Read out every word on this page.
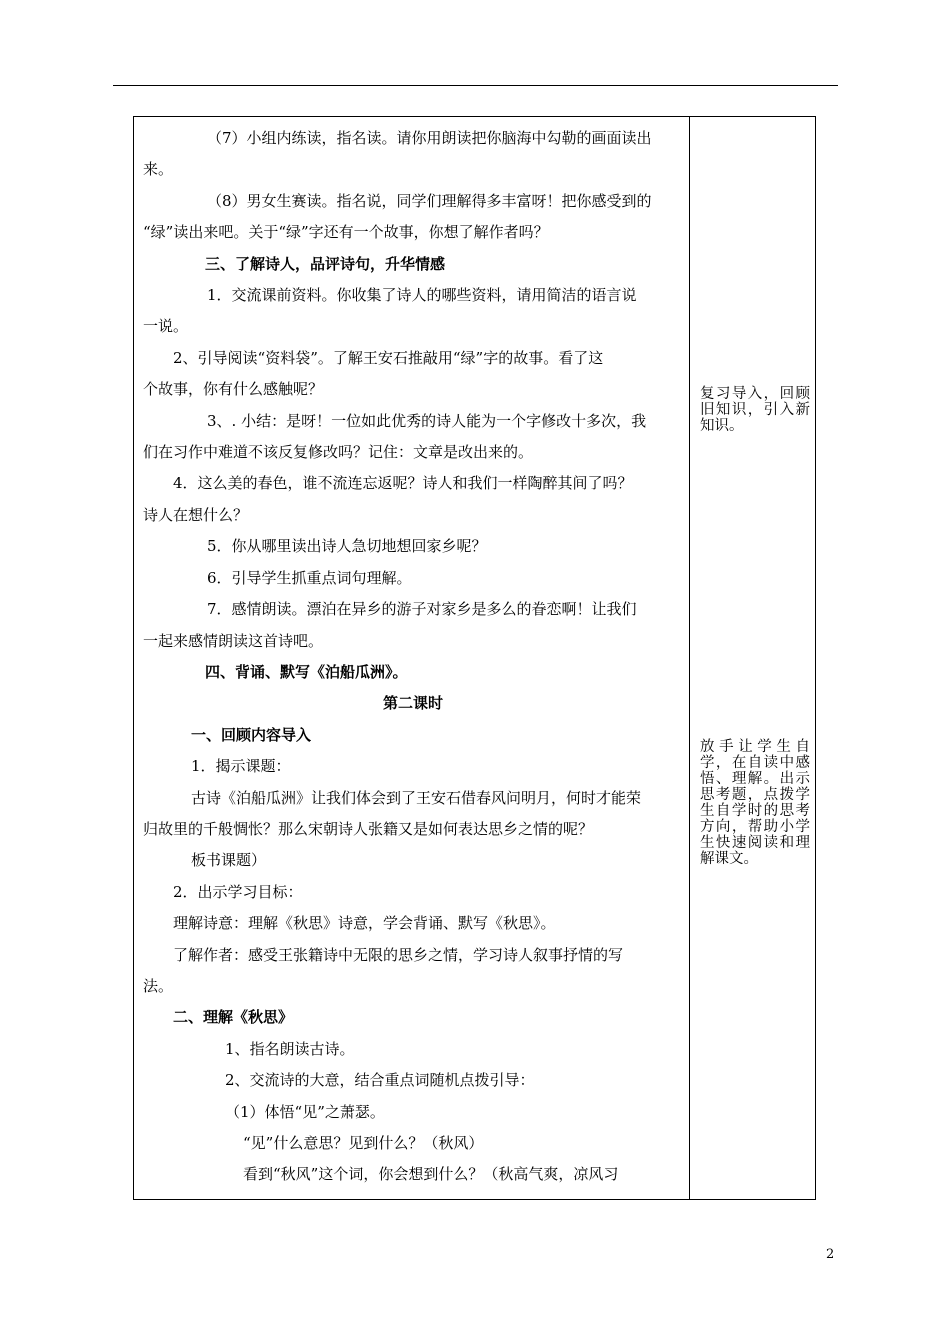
（7）小组内练读，指名读。请你用朗读把你脑海中勾勒的画面读出

来。

（8）男女生赛读。指名说，同学们理解得多丰富呀！把你感受到的

“绿”读出来吧。关于“绿”字还有一个故事，你想了解作者吗？

三、了解诗人，品评诗句，升华情感

1．交流课前资料。你收集了诗人的哪些资料，请用简洁的语言说

一说。

2、引导阅读“资料袋”。了解王安石推敲用“绿”字的故事。看了这

个故事，你有什么感触呢？

3、. 小结：是呀！一位如此优秀的诗人能为一个字修改十多次，我

们在习作中难道不该反复修改吗？记住：文章是改出来的。

4．这么美的春色，谁不流连忘返呢？诗人和我们一样陶醉其间了吗？

诗人在想什么？

5．你从哪里读出诗人急切地想回家乡呢？

6．引导学生抓重点词句理解。

7．感情朗读。漂泊在异乡的游子对家乡是多么的眷恋啊！让我们

一起来感情朗读这首诗吧。

四、背诵、默写《泊船瓜洲》。

第二课时

一、回顾内容导入

1．揭示课题：

古诗《泊船瓜洲》让我们体会到了王安石借春风问明月，何时才能荣

归故里的千般惆怅？那么宋朝诗人张籍又是如何表达思乡之情的呢？

板书课题）

2．出示学习目标：

理解诗意：理解《秋思》诗意，学会背诵、默写《秋思》。

了解作者：感受王张籍诗中无限的思乡之情，学习诗人叙事抒情的写

法。

二、理解《秋思》

1、指名朗读古诗。

2、交流诗的大意，结合重点词随机点拨引导：

（1）体悟“见”之萧瑟。

“见”什么意思？见到什么？（秋风）

看到“秋风”这个词，你会想到什么？（秋高气爽，凉风习

复习导入，回顾旧知识，引入新知识。
放手让学生自学，在自读中感悟、理解。出示思考题，点拨学生自学时的思考方向，帮助小学生快速阅读和理解课文。
2
